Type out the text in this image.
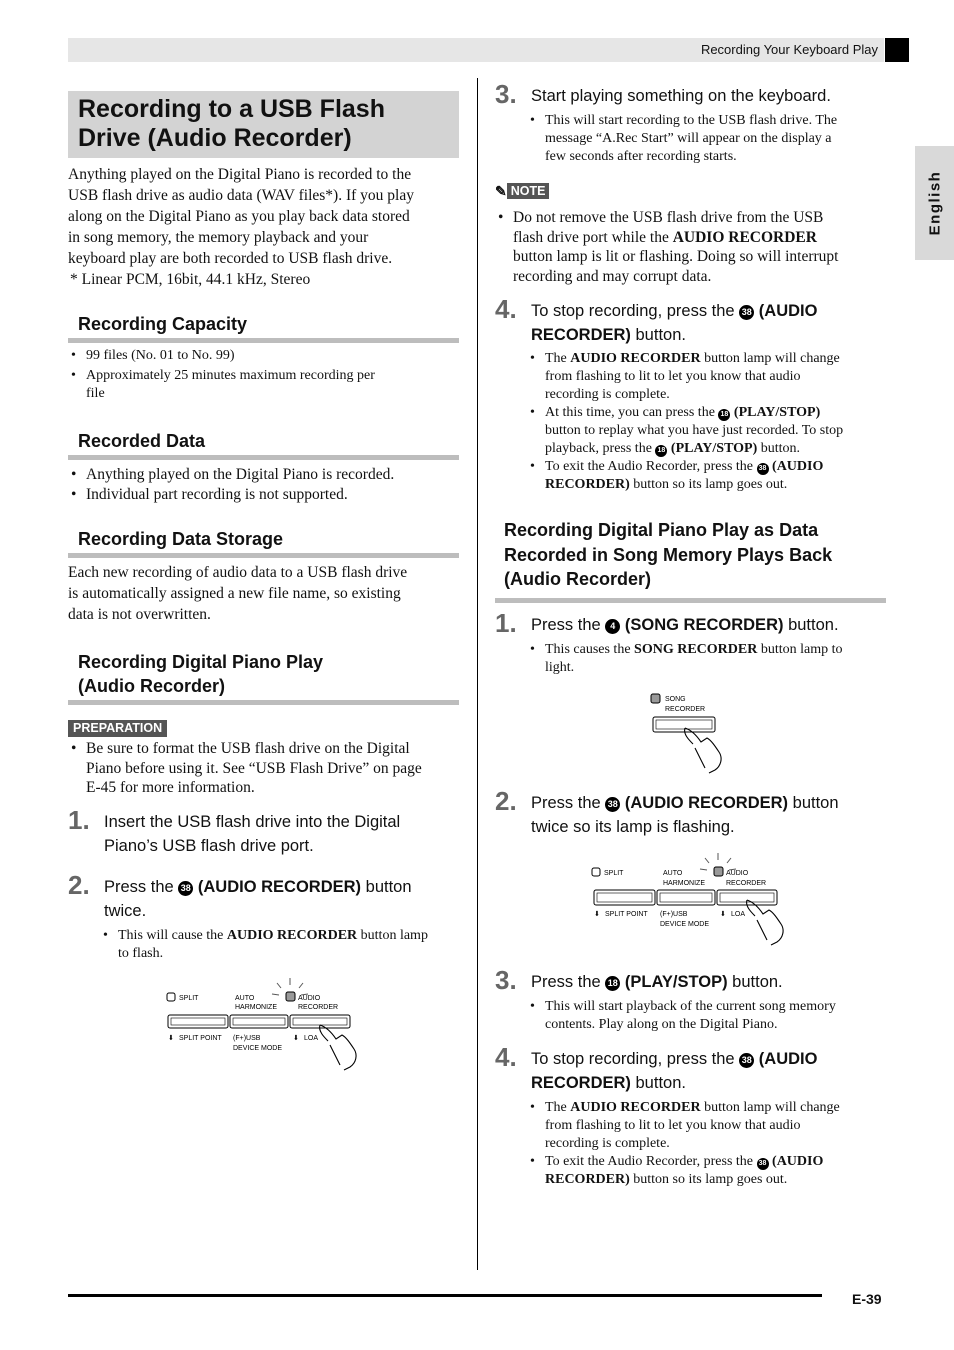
Recording Your Keyboard Play
English
Recording to a USB Flash Drive (Audio Recorder)
Anything played on the Digital Piano is recorded to the
USB flash drive as audio data (WAV files*). If you play
along on the Digital Piano as you play back data stored
in song memory, the memory playback and your
keyboard play are both recorded to USB flash drive.
* Linear PCM, 16bit, 44.1 kHz, Stereo
Recording Capacity
• 99 files (No. 01 to No. 99)
• Approximately 25 minutes maximum recording per
file
Recorded Data
• Anything played on the Digital Piano is recorded.
• Individual part recording is not supported.
Recording Data Storage
Each new recording of audio data to a USB flash drive
is automatically assigned a new file name, so existing
data is not overwritten.
Recording Digital Piano Play
(Audio Recorder)
PREPARATION
• Be sure to format the USB flash drive on the Digital
Piano before using it. See “USB Flash Drive” on page
E-45 for more information.
1. Insert the USB flash drive into the Digital
Piano’s USB flash drive port.
2. Press the 38 (AUDIO RECORDER) button
twice.
• This will cause the AUDIO RECORDER button lamp
to flash.
SPLIT	AUTO
HARMONIZE
AUDIO
RECORDER
⬇ SPLIT POINT (F+)USB
DEVICE MODE
⬇ LOA
3. Start playing something on the keyboard.
• This will start recording to the USB flash drive. The
message “A.Rec Start” will appear on the display a
few seconds after recording starts.
✎ NOTE
• Do not remove the USB flash drive from the USB
flash drive port while the AUDIO RECORDER
button lamp is lit or flashing. Doing so will interrupt
recording and may corrupt data.
4. To stop recording, press the 38 (AUDIO
RECORDER) button.
• The AUDIO RECORDER button lamp will change
from flashing to lit to let you know that audio
recording is complete.
• At this time, you can press the 18 (PLAY/STOP)
button to replay what you have just recorded. To stop
playback, press the 18 (PLAY/STOP) button.
• To exit the Audio Recorder, press the 38 (AUDIO
RECORDER) button so its lamp goes out.
Recording Digital Piano Play as Data
Recorded in Song Memory Plays Back
(Audio Recorder)
1. Press the 4 (SONG RECORDER) button.
• This causes the SONG RECORDER button lamp to
light.
SONG
RECORDER
2. Press the 38 (AUDIO RECORDER) button
twice so its lamp is flashing.
SPLIT	AUTO
HARMONIZE
AUDIO
RECORDER
⬇ SPLIT POINT (F+)USB
DEVICE MODE
⬇ LOA
3. Press the 18 (PLAY/STOP) button.
• This will start playback of the current song memory
contents. Play along on the Digital Piano.
4. To stop recording, press the 38 (AUDIO
RECORDER) button.
• The AUDIO RECORDER button lamp will change
from flashing to lit to let you know that audio
recording is complete.
• To exit the Audio Recorder, press the 38 (AUDIO
RECORDER) button so its lamp goes out.
E-39
